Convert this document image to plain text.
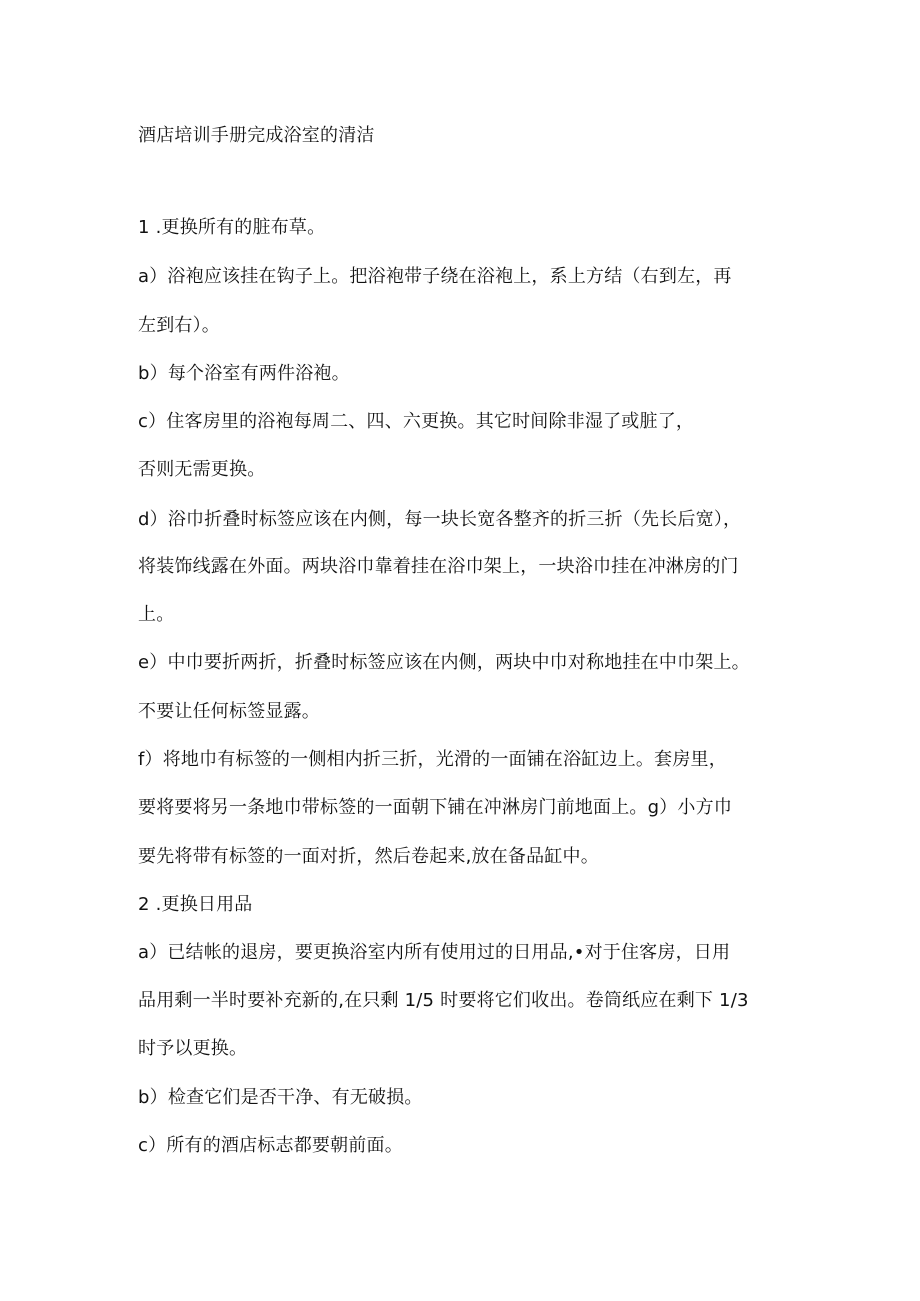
酒店培训手册完成浴室的清洁
1 .更换所有的脏布草。
a）浴袍应该挂在钩子上。把浴袍带子绕在浴袍上，系上方结（右到左，再
左到右）。
b）每个浴室有两件浴袍。
c）住客房里的浴袍每周二、四、六更换。其它时间除非湿了或脏了，
否则无需更换。
d）浴巾折叠时标签应该在内侧，每一块长宽各整齐的折三折（先长后宽），
将装饰线露在外面。两块浴巾靠着挂在浴巾架上，一块浴巾挂在冲淋房的门
上。
e）中巾要折两折，折叠时标签应该在内侧，两块中巾对称地挂在中巾架上。
不要让任何标签显露。
f）将地巾有标签的一侧相内折三折，光滑的一面铺在浴缸边上。套房里，
要将要将另一条地巾带标签的一面朝下铺在冲淋房门前地面上。g）小方巾
要先将带有标签的一面对折，然后卷起来,放在备品缸中。
2 .更换日用品
a）已结帐的退房，要更换浴室内所有使用过的日用品,•对于住客房，日用
品用剩一半时要补充新的,在只剩 1/5 时要将它们收出。卷筒纸应在剩下 1/3
时予以更换。
b）检查它们是否干净、有无破损。
c）所有的酒店标志都要朝前面。
